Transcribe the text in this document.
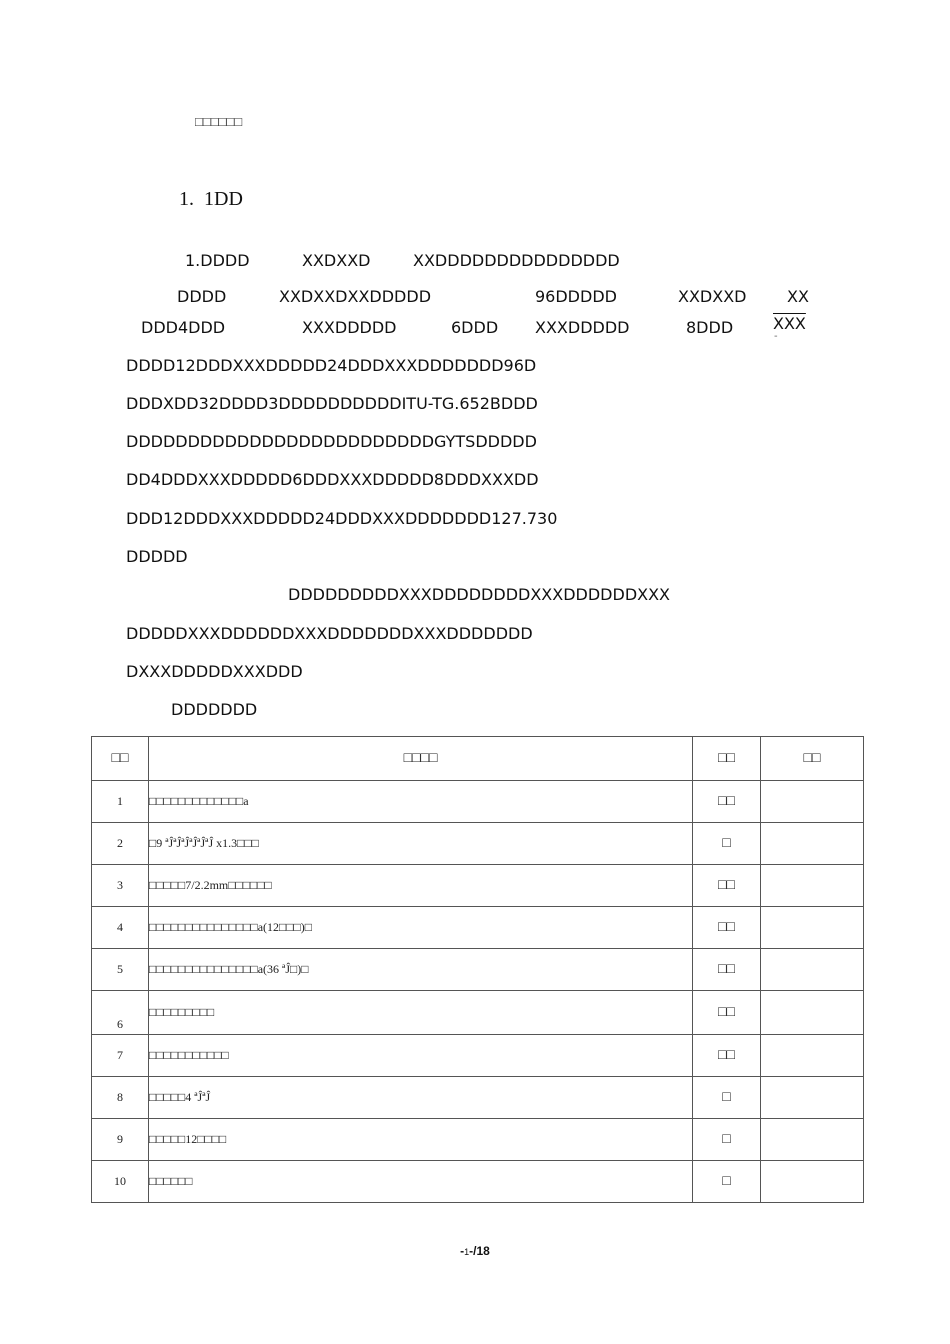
□□□□□□
1.  1DD
1.DDDD	XXDXXD	XXDDDDDDDDDDDDDDD
DDDD	XXDXXDXXDDDDD	96DDDDD	XXDXXD	XX
DDD4DDD	XXXDDDDD	6DDD XXXDDDDD	8DDD $\overline{XXX}$
-
DDDD12DDDXXXDDDDD24DDDXXXDDDDDDD96D
DDDXDD32DDDD3DDDDDDDDDDITU-TG.652BDDD
DDDDDDDDDDDDDDDDDDDDDDDDDGYTSDDDDD
DD4DDDXXXDDDDD6DDDXXXDDDDD8DDDXXXDD
DDD12DDDXXXDDDDD24DDDXXXDDDDDDD127.730
DDDDD
DDDDDDDDDXXXDDDDDDDDXXXDDDDDDXXX
DDDDDXXXDDDDDDXXXDDDDDDDXXXDDDDDDD
DXXXDDDDDXXXDDD
DDDDDDD
□□	□□□□	□□	□□
1	□□□□□□□□□□□□□a	□□	
2	□9 ªĴªĴªĴªĴªĴªĴ x1.3□□□	□	
3	□□□□□7/2.2mm□□□□□□	□□	
4	□□□□□□□□□□□□□□□a(12□□□)□	□□	
5	□□□□□□□□□□□□□□□a(36 ªĴ□)□	□□	
6	□□□□□□□□□	□□	
7	□□□□□□□□□□□	□□	
8	□□□□□4 ªĴªĴ	□	
9	□□□□□12□□□□	□	
10	□□□□□□	□	
-1-/18
